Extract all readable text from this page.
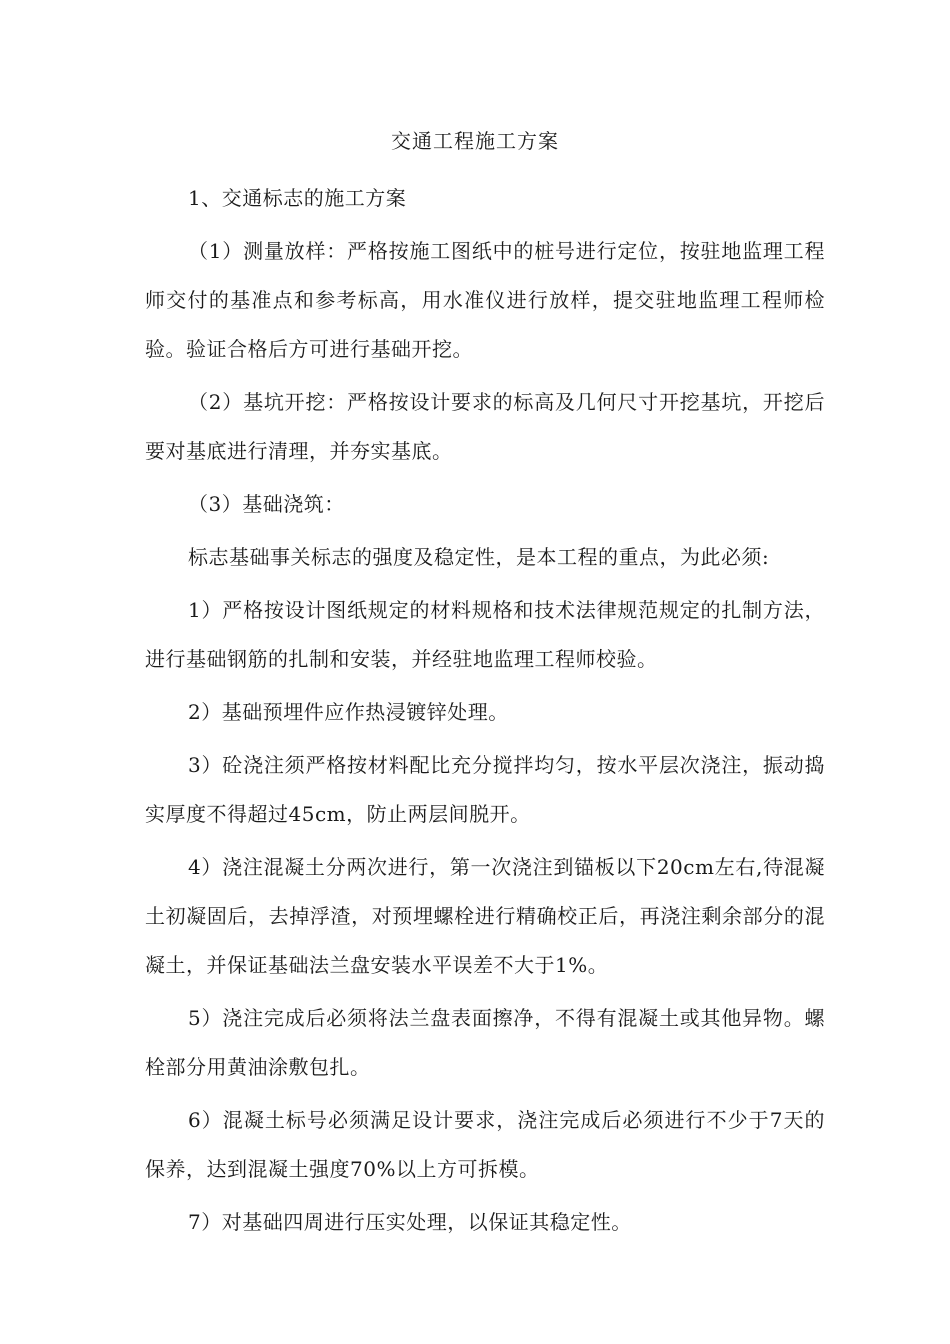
交通工程施工方案

1、交通标志的施工方案

（1）测量放样：严格按施工图纸中的桩号进行定位，按驻地监理工程师交付的基准点和参考标高，用水准仪进行放样，提交驻地监理工程师检验。验证合格后方可进行基础开挖。

（2）基坑开挖：严格按设计要求的标高及几何尺寸开挖基坑，开挖后要对基底进行清理，并夯实基底。

（3）基础浇筑：

标志基础事关标志的强度及稳定性，是本工程的重点，为此必须:

1）严格按设计图纸规定的材料规格和技术法律规范规定的扎制方法，进行基础钢筋的扎制和安装，并经驻地监理工程师校验。

2）基础预埋件应作热浸镀锌处理。

3）砼浇注须严格按材料配比充分搅拌均匀，按水平层次浇注，振动捣实厚度不得超过45cm，防止两层间脱开。

4）浇注混凝土分两次进行，第一次浇注到锚板以下20cm左右,待混凝土初凝固后，去掉浮渣，对预埋螺栓进行精确校正后，再浇注剩余部分的混凝土，并保证基础法兰盘安装水平误差不大于1%。

5）浇注完成后必须将法兰盘表面擦净，不得有混凝土或其他异物。螺栓部分用黄油涂敷包扎。

6）混凝土标号必须满足设计要求，浇注完成后必须进行不少于7天的保养，达到混凝土强度70%以上方可拆模。

7）对基础四周进行压实处理，以保证其稳定性。
